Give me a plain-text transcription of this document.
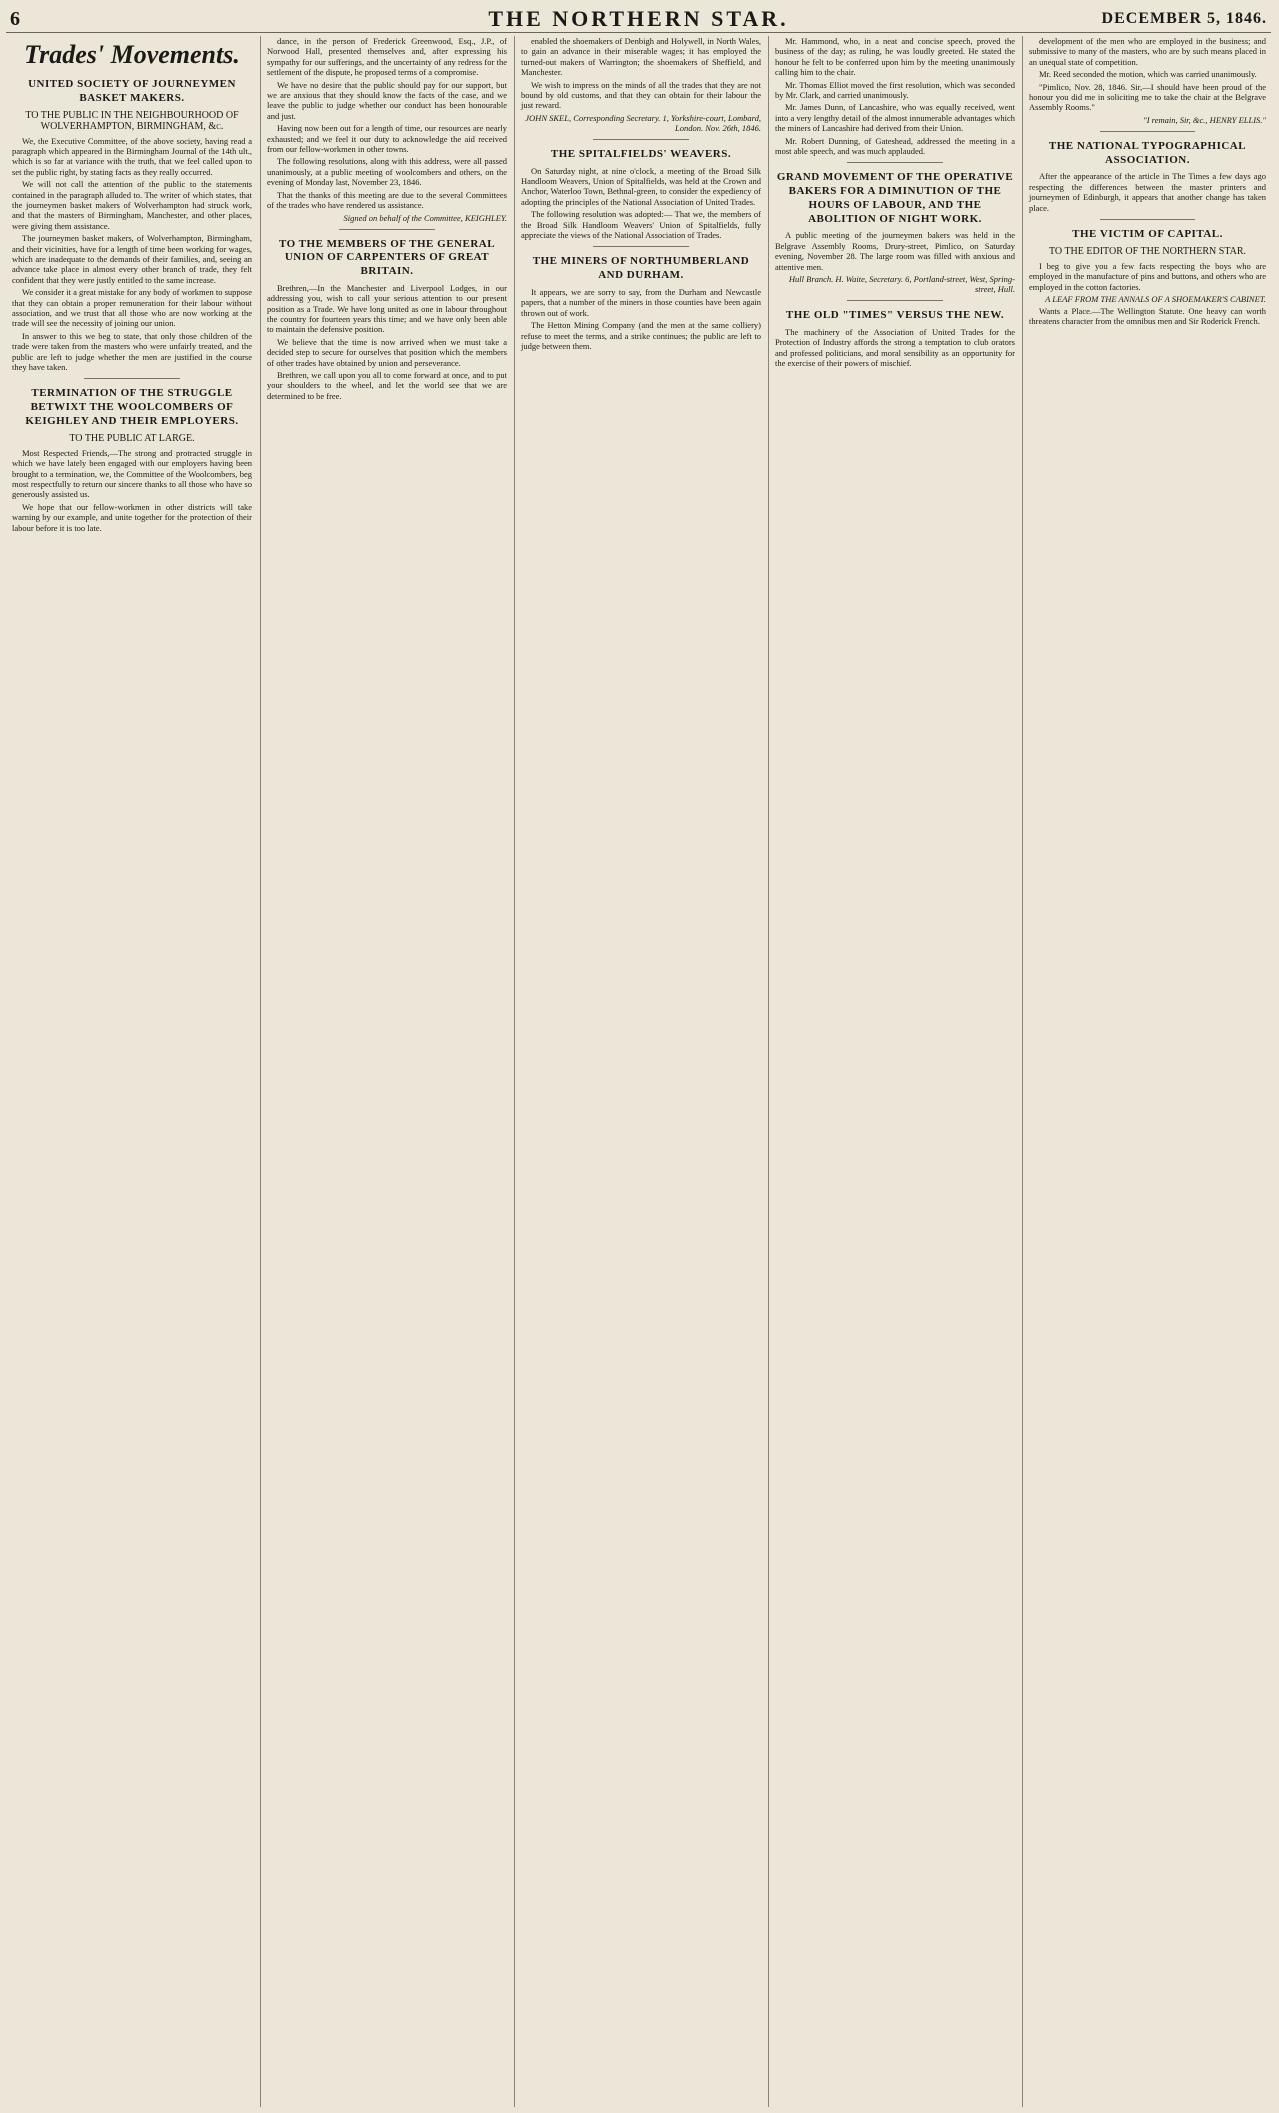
6	THE NORTHERN STAR.	DECEMBER 5, 1846.
Trades' Movements.
UNITED SOCIETY OF JOURNEYMEN BASKET MAKERS.
TO THE PUBLIC IN THE NEIGHBOURHOOD OF WOLVERHAMPTON, BIRMINGHAM, &c.

We, the Executive Committee, of the above society, having read a paragraph which appeared in the Birmingham Journal of the 14th ult., which is so far at variance with the truth, that we feel called upon to set the public right, by stating facts as they really occurred.

We will not call the attention of the public to the statements contained in the paragraph alluded to. The writer of which states, that the journeymen basket makers of Wolverhampton had struck work, and that the masters of Birmingham, Manchester, and other places, were giving them assistance.

The journeymen basket makers, of Wolverhampton, Birmingham, and their vicinities, have for a length of time been working for wages, which are inadequate to the demands of their families, and, seeing an advance take place in almost every other branch of trade, they felt confident that they were justly entitled to the same increase.

We consider it a great mistake for any body of workmen to suppose that they can obtain a proper remuneration for their labour without association, and we trust that all those who are now working at the trade will see the necessity of joining our union.

In answer to this we beg to state, that only those children of the trade were taken from the masters who were unfairly treated, and the public are left to judge whether the men are justified in the course they have taken.

TERMINATION OF THE STRUGGLE BETWIXT THE WOOLCOMBERS OF KEIGHLEY AND THEIR EMPLOYERS.
TO THE PUBLIC AT LARGE.

Most Respected Friends,—The strong and protracted struggle in which we have lately been engaged with our employers having been brought to a termination, we, the Committee of the Woolcombers, beg most respectfully to return our sincere thanks to all those who have so generously assisted us.

We hope that our fellow-workmen in other districts will take warning by our example, and unite together for the protection of their labour before it is too late.

dance, in the person of Frederick Greenwood, Esq., J.P., of Norwood Hall, presented themselves and, after expressing his sympathy for our sufferings, and the uncertainty of any redress for the settlement of the dispute, he proposed terms of a compromise.

We have no desire that the public should pay for our support, but we are anxious that they should know the facts of the case, and we leave the public to judge whether our conduct has been honourable and just.

Having now been out for a length of time, our resources are nearly exhausted; and we feel it our duty to acknowledge the aid received from our fellow-workmen in other towns.

The following resolutions, along with this address, were all passed unanimously, at a public meeting of woolcombers and others, on the evening of Monday last, November 23, 1846.

That the thanks of this meeting are due to the several Committees of the trades who have rendered us assistance.

Signed on behalf of the Committee, KEIGHLEY.
TO THE MEMBERS OF THE GENERAL UNION OF CARPENTERS OF GREAT BRITAIN.

Brethren,—In the Manchester and Liverpool Lodges, in our addressing you, wish to call your serious attention to our present position as a Trade. We have long united as one in labour throughout the country for fourteen years this time; and we have only been able to maintain the defensive position.

We believe that the time is now arrived when we must take a decided step to secure for ourselves that position which the members of other trades have obtained by union and perseverance.

Brethren, we call upon you all to come forward at once, and to put your shoulders to the wheel, and let the world see that we are determined to be free.

enabled the shoemakers of Denbigh and Holywell, in North Wales, to gain an advance in their miserable wages; it has employed the turned-out makers of Warrington; the shoemakers of Sheffield, and Manchester.

We wish to impress on the minds of all the trades that they are not bound by old customs, and that they can obtain for their labour the just reward.

JOHN SKEL, Corresponding Secretary. 1, Yorkshire-court, Lombard, London. Nov. 26th, 1846.
THE SPITALFIELDS' WEAVERS.

On Saturday night, at nine o'clock, a meeting of the Broad Silk Handloom Weavers, Union of Spitalfields, was held at the Crown and Anchor, Waterloo Town, Bethnal-green, to consider the expediency of adopting the principles of the National Association of United Trades.

The following resolution was adopted:— That we, the members of the Broad Silk Handloom Weavers' Union of Spitalfields, fully appreciate the views of the National Association of Trades.

THE MINERS OF NORTHUMBERLAND AND DURHAM.

It appears, we are sorry to say, from the Durham and Newcastle papers, that a number of the miners in those counties have been again thrown out of work.

The Hetton Mining Company (and the men at the same colliery) refuse to meet the terms, and a strike continues; the public are left to judge between them.

Mr. Hammond, who, in a neat and concise speech, proved the business of the day; as ruling, he was loudly greeted. He stated the honour he felt to be conferred upon him by the meeting unanimously calling him to the chair.

Mr. Thomas Elliot moved the first resolution, which was seconded by Mr. Clark, and carried unanimously.

Mr. James Dunn, of Lancashire, who was equally received, went into a very lengthy detail of the almost innumerable advantages which the miners of Lancashire had derived from their Union.

Mr. Robert Dunning, of Gateshead, addressed the meeting in a most able speech, and was much applauded.

GRAND MOVEMENT OF THE OPERATIVE BAKERS FOR A DIMINUTION OF THE HOURS OF LABOUR, AND THE ABOLITION OF NIGHT WORK.

A public meeting of the journeymen bakers was held in the Belgrave Assembly Rooms, Drury-street, Pimlico, on Saturday evening, November 28. The large room was filled with anxious and attentive men.

Hull Branch. H. Waite, Secretary. 6, Portland-street, West, Spring-street, Hull.
THE OLD "TIMES" VERSUS THE NEW.

The machinery of the Association of United Trades for the Protection of Industry affords the strong a temptation to club orators and professed politicians, and moral sensibility as an opportunity for the exercise of their powers of mischief.

development of the men who are employed in the business; and submissive to many of the masters, who are by such means placed in an unequal state of competition.

Mr. Reed seconded the motion, which was carried unanimously.

"Pimlico, Nov. 28, 1846. Sir,—I should have been proud of the honour you did me in soliciting me to take the chair at the Belgrave Assembly Rooms."

"I remain, Sir, &c., HENRY ELLIS."
THE NATIONAL TYPOGRAPHICAL ASSOCIATION.

After the appearance of the article in The Times a few days ago respecting the differences between the master printers and journeymen of Edinburgh, it appears that another change has taken place.

THE VICTIM OF CAPITAL.
TO THE EDITOR OF THE NORTHERN STAR.

I beg to give you a few facts respecting the boys who are employed in the manufacture of pins and buttons, and others who are employed in the cotton factories.

A LEAF FROM THE ANNALS OF A SHOEMAKER'S CABINET.

Wants a Place.—The Wellington Statute. One heavy can worth threatens character from the omnibus men and Sir Roderick French.
